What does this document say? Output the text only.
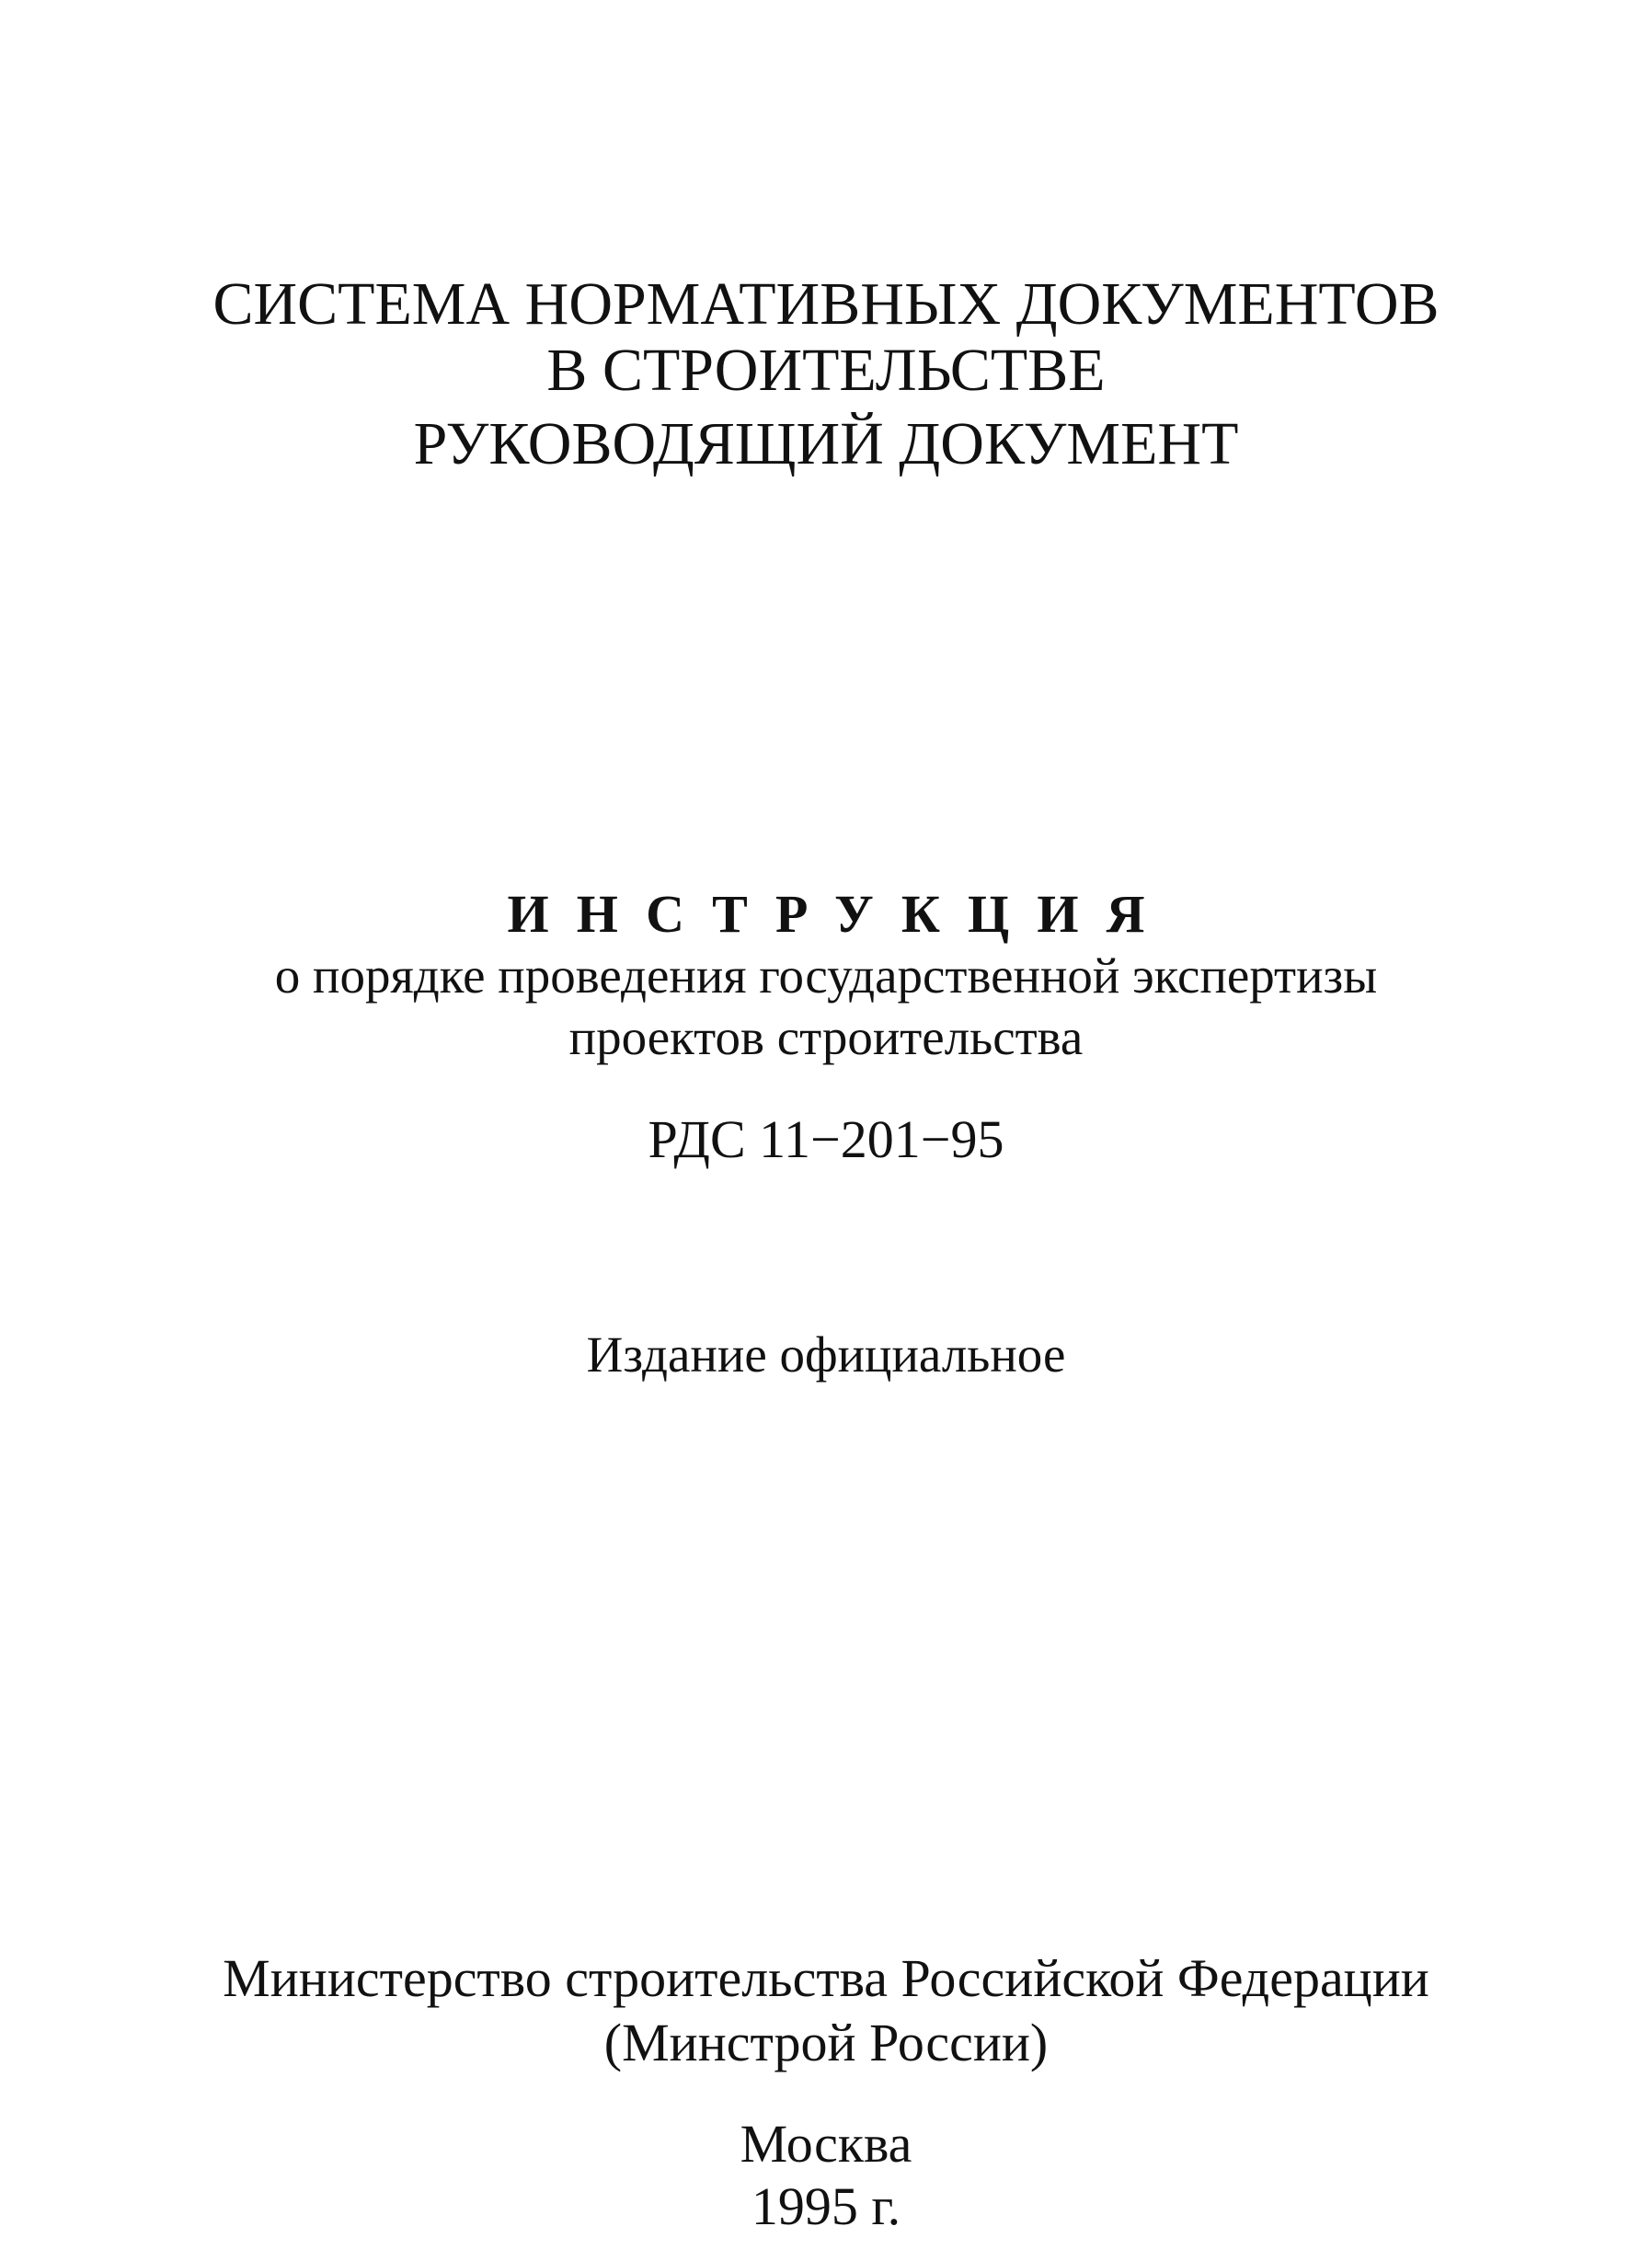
СИСТЕМА НОРМАТИВНЫХ ДОКУМЕНТОВ
В СТРОИТЕЛЬСТВЕ
РУКОВОДЯЩИЙ ДОКУМЕНТ
ИНСТРУКЦИЯ
о порядке проведения государственной экспертизы
проектов строительства
РДС 11−201−95
Издание официальное
Министерство строительства Российской Федерации
(Минстрой России)
Москва
1995 г.
